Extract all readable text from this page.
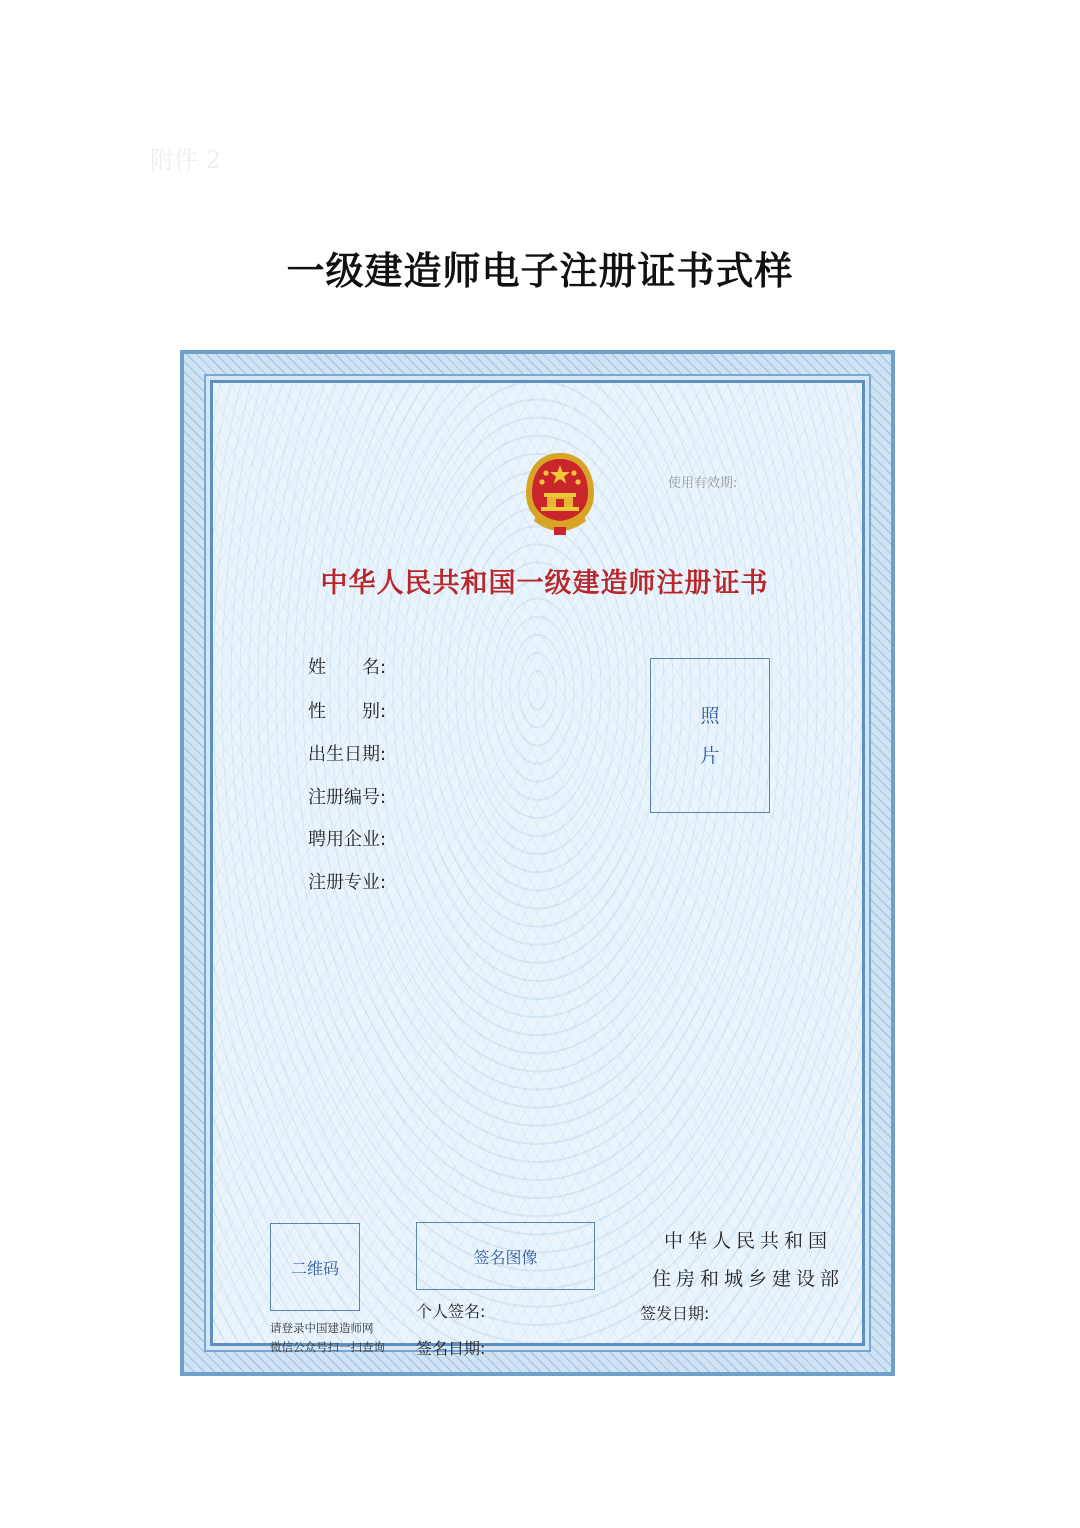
附件 2
一级建造师电子注册证书式样
使用有效期:
中华人民共和国一级建造师注册证书
姓　　名:
性　　别:
出生日期:
注册编号:
聘用企业:
注册专业:
照片
二维码
请登录中国建造师网
微信公众号扫一扫查询
签名图像
个人签名:
签名日期:
中华人民共和国
住房和城乡建设部
签发日期:
